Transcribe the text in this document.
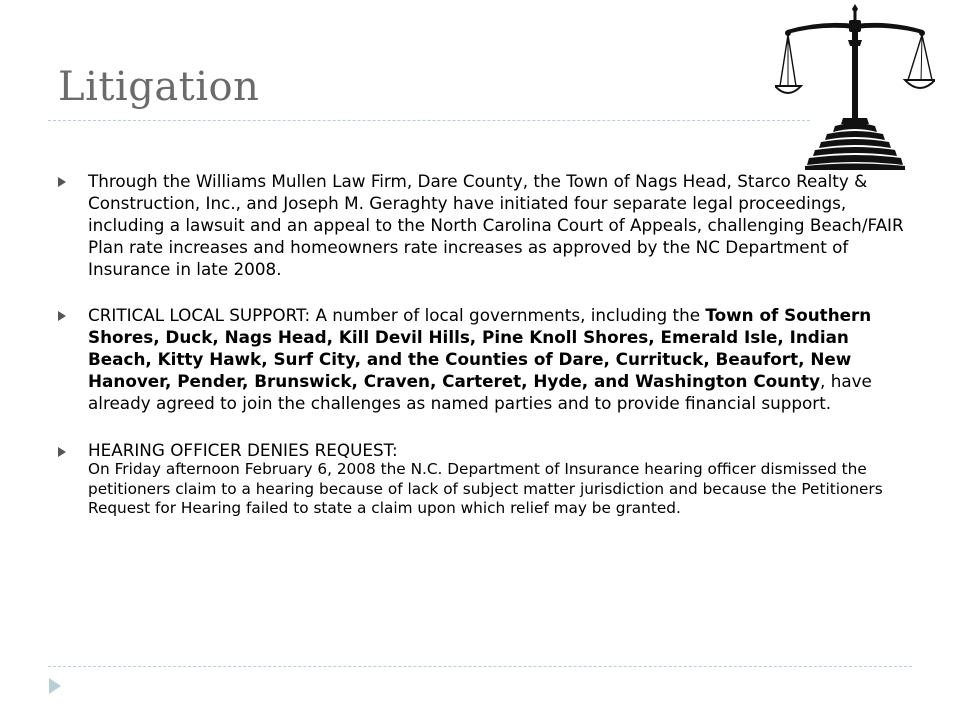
Litigation

Through the Williams Mullen Law Firm, Dare County, the Town of Nags Head, Starco Realty & Construction, Inc., and Joseph M. Geraghty have initiated four separate legal proceedings, including a lawsuit and an appeal to the North Carolina Court of Appeals, challenging Beach/FAIR Plan rate increases and homeowners rate increases as approved by the NC Department of Insurance in late 2008.

CRITICAL LOCAL SUPPORT: A number of local governments, including the Town of Southern Shores, Duck, Nags Head, Kill Devil Hills, Pine Knoll Shores, Emerald Isle, Indian Beach, Kitty Hawk, Surf City, and the Counties of Dare, Currituck, Beaufort, New Hanover, Pender, Brunswick, Craven, Carteret, Hyde, and Washington County, have already agreed to join the challenges as named parties and to provide financial support.

HEARING OFFICER DENIES REQUEST:
On Friday afternoon February 6, 2008 the N.C. Department of Insurance hearing officer dismissed the petitioners claim to a hearing because of lack of subject matter jurisdiction and because the Petitioners Request for Hearing failed to state a claim upon which relief may be granted.
